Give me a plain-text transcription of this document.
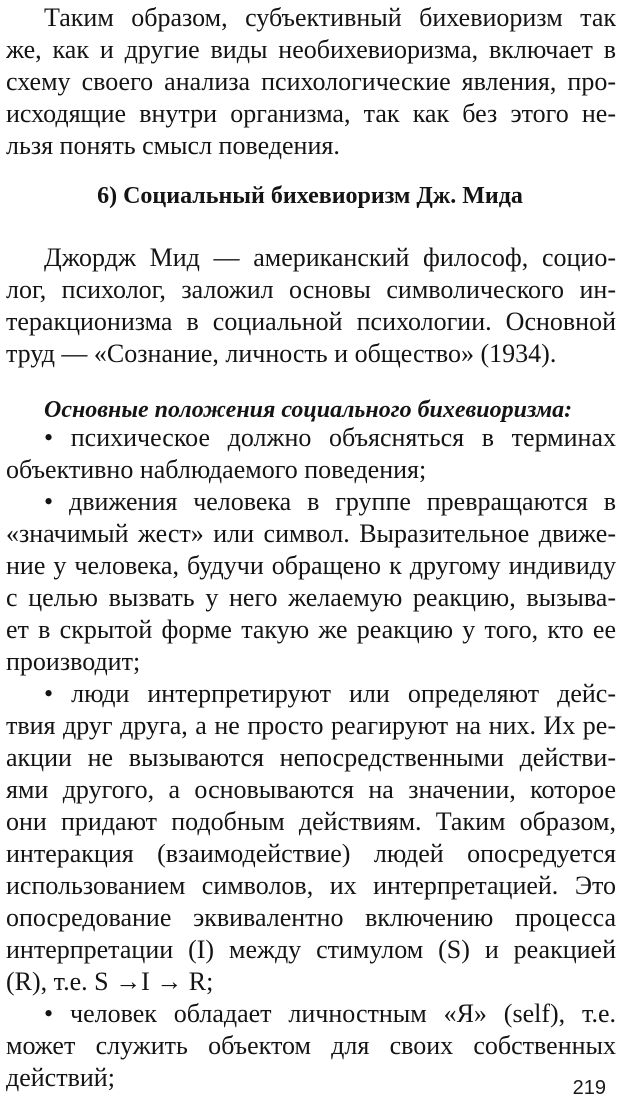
Таким образом, субъективный бихевиоризм так
же, как и другие виды необихевиоризма, включает в
схему своего анализа психологические явления, про-
исходящие внутри организма, так как без этого не-
льзя понять смысл поведения.
6) Социальный бихевиоризм Дж. Мида
Джордж Мид — американский философ, социо-
лог, психолог, заложил основы символического ин-
теракционизма в социальной психологии. Основной
труд — «Сознание, личность и общество» (1934).
Основные положения социального бихевиоризма:
• психическое должно объясняться в терминах
объективно наблюдаемого поведения;
• движения человека в группе превращаются в
«значимый жест» или символ. Выразительное движе-
ние у человека, будучи обращено к другому индивиду
с целью вызвать у него желаемую реакцию, вызыва-
ет в скрытой форме такую же реакцию у того, кто ее
производит;
• люди интерпретируют или определяют дейс-
твия друг друга, а не просто реагируют на них. Их ре-
акции не вызываются непосредственными действи-
ями другого, а основываются на значении, которое
они придают подобным действиям. Таким образом,
интеракция (взаимодействие) людей опосредуется
использованием символов, их интерпретацией. Это
опосредование эквивалентно включению процесса
интерпретации (I) между стимулом (S) и реакцией
(R), т.е. S →I → R;
• человек обладает личностным «Я» (self), т.е.
может служить объектом для своих собственных
действий;	219
